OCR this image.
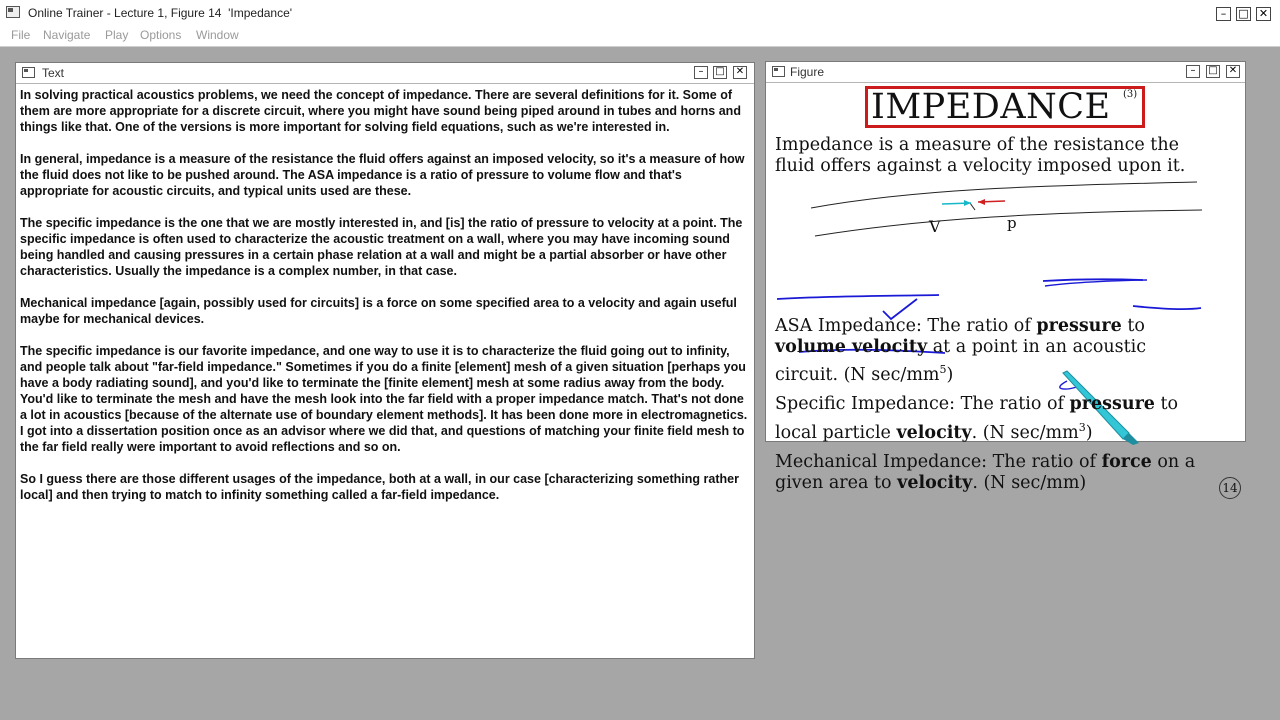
Online Trainer - Lecture 1, Figure 14  'Impedance'	–	□ ✕
File Navigate Play Options Window
Text	–	□ ✕

In solving practical acoustics problems, we need the concept of impedance. There are several definitions for it. Some of them are more appropriate for a discrete circuit, where you might have sound being piped around in tubes and horns and things like that. One of the versions is more important for solving field equations, such as we're interested in.

In general, impedance is a measure of the resistance the fluid offers against an imposed velocity, so it's a measure of how the fluid does not like to be pushed around. The ASA impedance is a ratio of pressure to volume flow and that's appropriate for acoustic circuits, and typical units used are these.

The specific impedance is the one that we are mostly interested in, and [is] the ratio of pressure to velocity at a point. The specific impedance is often used to characterize the acoustic treatment on a wall, where you may have incoming sound being handled and causing pressures in a certain phase relation at a wall and might be a partial absorber or have other characteristics. Usually the impedance is a complex number, in that case.

Mechanical impedance [again, possibly used for circuits] is a force on some specified area to a velocity and again useful maybe for mechanical devices.

The specific impedance is our favorite impedance, and one way to use it is to characterize the fluid going out to infinity, and people talk about "far-field impedance." Sometimes if you do a finite [element] mesh of a given situation [perhaps you have a body radiating sound], and you'd like to terminate the [finite element] mesh at some radius away from the body. You'd like to terminate the mesh and have the mesh look into the far field with a proper impedance match. That's not done a lot in acoustics [because of the alternate use of boundary element methods]. It has been done more in electromagnetics. I got into a dissertation position once as an advisor where we did that, and questions of matching your finite field mesh to the far field really were important to avoid reflections and so on.

So I guess there are those different usages of the impedance, both at a wall, in our case [characterizing something rather local] and then trying to match to infinity something called a far-field impedance.

Figure	–	□ ✕
IMPEDANCE (3)
Impedance is a measure of the resistance the
fluid offers against a velocity imposed upon it.
V	p
ASA Impedance: The ratio of pressure to
volume velocity at a point in an acoustic
circuit. (N $\sec/mm^5$)
Specific Impedance: The ratio of pressure to
local particle velocity. (N $\sec/mm^3$)
Mechanical Impedance: The ratio of force on a
given area to velocity. (N sec/mm)	14
